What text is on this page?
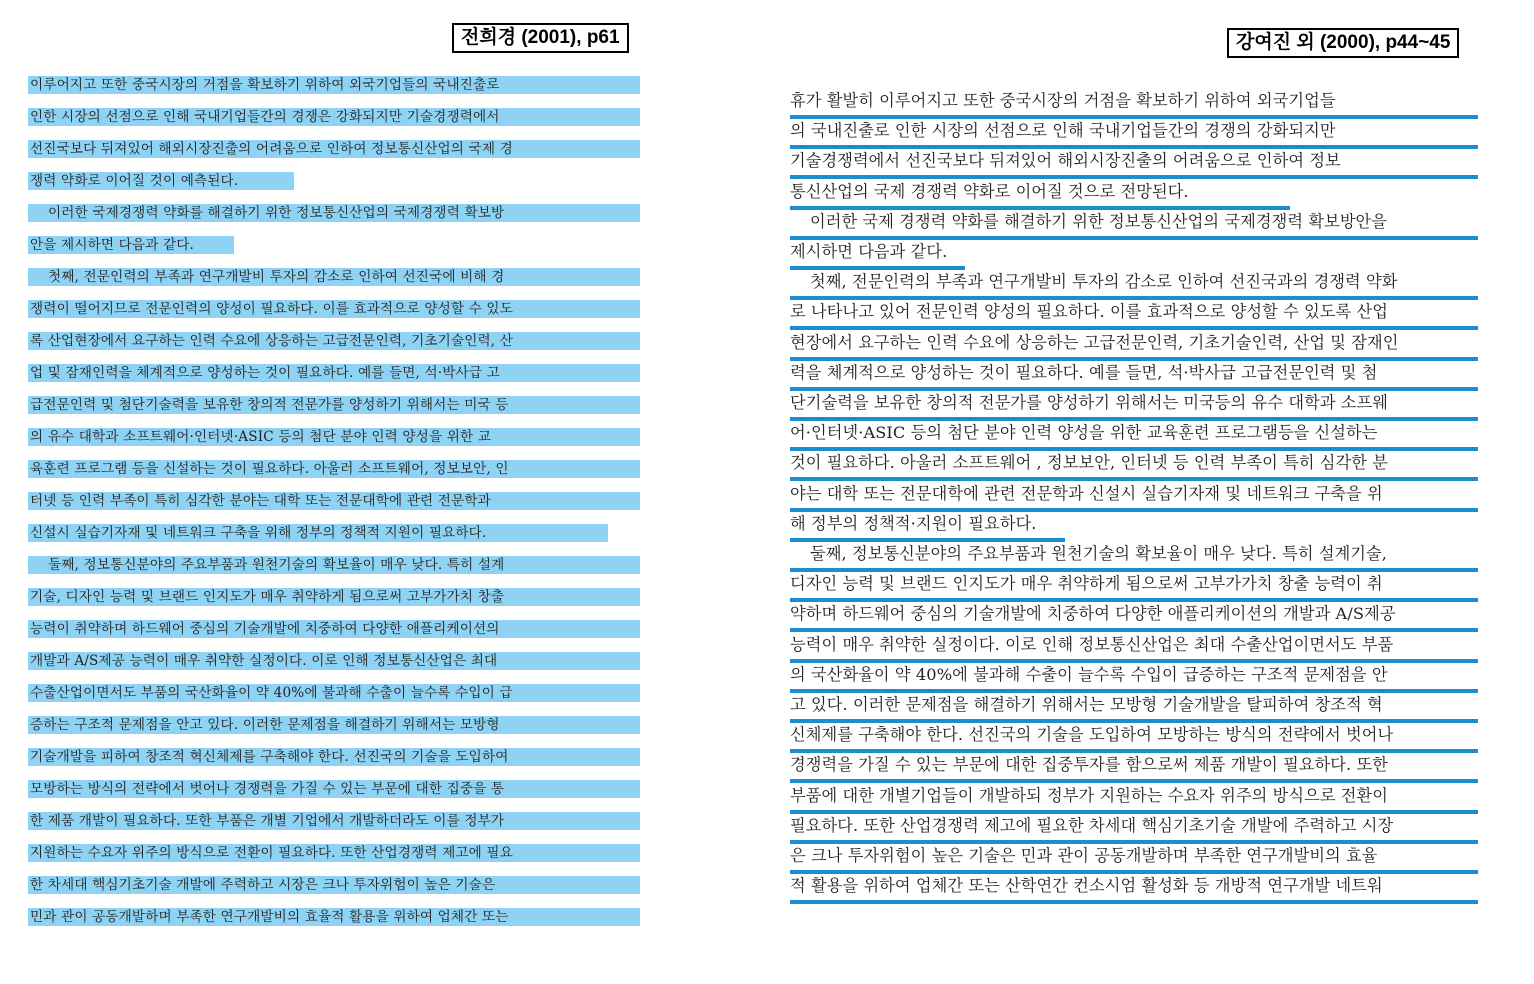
전희경 (2001), p61	강여진 외 (2000), p44~45
이루어지고 또한 중국시장의 거점을 확보하기 위하여 외국기업들의 국내진출로
인한 시장의 선점으로 인해 국내기업들간의 경쟁은 강화되지만 기술경쟁력에서
선진국보다 뒤져있어 해외시장진출의 어려움으로 인하여 정보통신산업의 국제 경
쟁력 약화로 이어질 것이 예측된다.
이러한 국제경쟁력 약화를 해결하기 위한 정보통신산업의 국제경쟁력 확보방
안을 제시하면 다음과 같다.
첫째, 전문인력의 부족과 연구개발비 투자의 감소로 인하여 선진국에 비해 경
쟁력이 떨어지므로 전문인력의 양성이 필요하다. 이를 효과적으로 양성할 수 있도
록 산업현장에서 요구하는 인력 수요에 상응하는 고급전문인력, 기초기술인력, 산
업 및 잠재인력을 체계적으로 양성하는 것이 필요하다. 예를 들면, 석·박사급 고
급전문인력 및 첨단기술력을 보유한 창의적 전문가를 양성하기 위해서는 미국 등
의 유수 대학과 소프트웨어·인터넷·ASIC 등의 첨단 분야 인력 양성을 위한 교
육훈련 프로그램 등을 신설하는 것이 필요하다. 아울러 소프트웨어, 정보보안, 인
터넷 등 인력 부족이 특히 심각한 분야는 대학 또는 전문대학에 관련 전문학과
신설시 실습기자재 및 네트워크 구축을 위해 정부의 정책적 지원이 필요하다.
둘째, 정보통신분야의 주요부품과 원천기술의 확보율이 매우 낮다. 특히 설계
기술, 디자인 능력 및 브랜드 인지도가 매우 취약하게 됨으로써 고부가가치 창출
능력이 취약하며 하드웨어 중심의 기술개발에 치중하여 다양한 애플리케이션의
개발과 A/S제공 능력이 매우 취약한 실정이다. 이로 인해 정보통신산업은 최대
수출산업이면서도 부품의 국산화율이 약 40%에 불과해 수출이 늘수록 수입이 급
증하는 구조적 문제점을 안고 있다. 이러한 문제점을 해결하기 위해서는 모방형
기술개발을 피하여 창조적 혁신체제를 구축해야 한다. 선진국의 기술을 도입하여
모방하는 방식의 전략에서 벗어나 경쟁력을 가질 수 있는 부문에 대한 집중을 통
한 제품 개발이 필요하다. 또한 부품은 개별 기업에서 개발하더라도 이를 정부가
지원하는 수요자 위주의 방식으로 전환이 필요하다. 또한 산업경쟁력 제고에 필요
한 차세대 핵심기초기술 개발에 주력하고 시장은 크나 투자위험이 높은 기술은
민과 관이 공동개발하며 부족한 연구개발비의 효율적 활용을 위하여 업체간 또는
휴가 활발히 이루어지고 또한 중국시장의 거점을 확보하기 위하여 외국기업들
의 국내진출로 인한 시장의 선점으로 인해 국내기업들간의 경쟁의 강화되지만
기술경쟁력에서 선진국보다 뒤져있어 해외시장진출의 어려움으로 인하여 정보
통신산업의 국제 경쟁력 약화로 이어질 것으로 전망된다.
이러한 국제 경쟁력 약화를 해결하기 위한 정보통신산업의 국제경쟁력 확보방안을
제시하면 다음과 같다.
첫째, 전문인력의 부족과 연구개발비 투자의 감소로 인하여 선진국과의 경쟁력 약화
로 나타나고 있어 전문인력 양성의 필요하다. 이를 효과적으로 양성할 수 있도록 산업
현장에서 요구하는 인력 수요에 상응하는 고급전문인력, 기초기술인력, 산업 및 잠재인
력을 체계적으로 양성하는 것이 필요하다. 예를 들면, 석·박사급 고급전문인력 및 첨
단기술력을 보유한 창의적 전문가를 양성하기 위해서는 미국등의 유수 대학과 소프웨
어·인터넷·ASIC 등의 첨단 분야 인력 양성을 위한 교육훈련 프로그램등을 신설하는
것이 필요하다. 아울러 소프트웨어 , 정보보안, 인터넷 등 인력 부족이 특히 심각한 분
야는 대학 또는 전문대학에 관련 전문학과 신설시 실습기자재 및 네트워크 구축을 위
해 정부의 정책적·지원이 필요하다.
둘째, 정보통신분야의 주요부품과 원천기술의 확보율이 매우 낮다. 특히 설계기술,
디자인 능력 및 브랜드 인지도가 매우 취약하게 됨으로써 고부가가치 창출 능력이 취
약하며 하드웨어 중심의 기술개발에 치중하여 다양한 애플리케이션의 개발과 A/S제공
능력이 매우 취약한 실정이다. 이로 인해 정보통신산업은 최대 수출산업이면서도 부품
의 국산화율이 약 40%에 불과해 수출이 늘수록 수입이 급증하는 구조적 문제점을 안
고 있다. 이러한 문제점을 해결하기 위해서는 모방형 기술개발을 탈피하여 창조적 혁
신체제를 구축해야 한다. 선진국의 기술을 도입하여 모방하는 방식의 전략에서 벗어나
경쟁력을 가질 수 있는 부문에 대한 집중투자를 함으로써 제품 개발이 필요하다. 또한
부품에 대한 개별기업들이 개발하되 정부가 지원하는 수요자 위주의 방식으로 전환이
필요하다. 또한 산업경쟁력 제고에 필요한 차세대 핵심기초기술 개발에 주력하고 시장
은 크나 투자위험이 높은 기술은 민과 관이 공동개발하며 부족한 연구개발비의 효율
적 활용을 위하여 업체간 또는 산학연간 컨소시엄 활성화 등 개방적 연구개발 네트워
